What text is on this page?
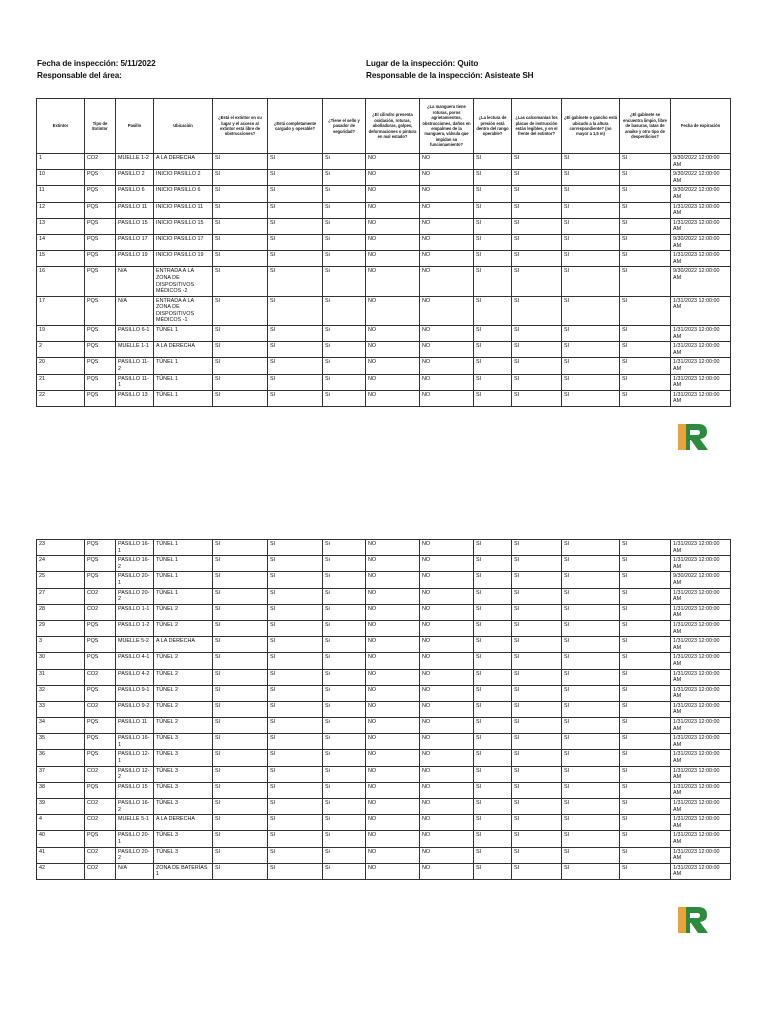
Fecha de inspección: 5/11/2022
Responsable del área:
Lugar de la inspección: Quito
Responsable de la inspección: Asisteate SH
Extintor	Tipo de Extintor	Pasillo	Ubicación	¿Está el extintor en su lugar y el acceso al extintor está libre de obstrucciones?	¿Está completamente cargado y operable?	¿Tiene el sello y pasador de seguridad?	¿El cilindro presenta oxidación, roturas, abolladuras, golpes, deformaciones o pintura en mal estado?	¿La manguera tiene roturas, poros agrietamientos, obstrucciones, daños en empalmes de la manguera, válvula que impidan su funcionamiento?	¿La lectura de presión está dentro del rango operable?	¿Las calcomanías los placas de instrucción están legibles, y en el frente del extintor?	¿El gabinete o gancho está ubicado a la altura correspondiente? (no mayor a 1,5 m)	¿El gabinete se encuentra limpio, libre de basuras, latas de anaike y otro tipo de desperdicios?	Fecha de expiración
1	CO2	MUELLE 1-2	A LA DERECHA	SI	SI	Si	NO	NO	SI	SI	SI	SI	9/30/2022 12:00:00 AM
10	PQS	PASILLO 2	INICIO PASILLO 2	SI	SI	Si	NO	NO	SI	SI	SI	SI	9/30/2022 12:00:00 AM
11	PQS	PASILLO 6	INICIO PASILLO 6	SI	SI	Si	NO	NO	SI	SI	SI	SI	9/30/2022 12:00:00 AM
12	PQS	PASILLO 11	INICIO PASILLO 11	SI	SI	Si	NO	NO	SI	SI	SI	SI	1/31/2023 12:00:00 AM
13	PQS	PASILLO 15	INICIO PASILLO 15	SI	SI	Si	NO	NO	SI	SI	SI	SI	1/31/2023 12:00:00 AM
14	PQS	PASILLO 17	INICIO PASILLO 17	SI	SI	Si	NO	NO	SI	SI	SI	SI	9/30/2022 12:00:00 AM
15	PQS	PASILLO 19	INICIO PASILLO 19	SI	SI	Si	NO	NO	SI	SI	SI	SI	1/31/2023 12:00:00 AM
16	PQS	N/A	ENTRADA A LA ZONA DE DISPOSITIVOS MÉDICOS -2	SI	SI	Si	NO	NO	SI	SI	SI	SI	9/30/2022 12:00:00 AM
17	PQS	N/A	ENTRADA A LA ZONA DE DISPOSITIVOS MÉDICOS -1	SI	SI	Si	NO	NO	SI	SI	SI	SI	1/31/2023 12:00:00 AM
19	PQS	PASILLO 6-1	TÚNEL 1	SI	SI	Si	NO	NO	SI	SI	SI	SI	1/31/2023 12:00:00 AM
2	PQS	MUELLE 1-1	A LA DERECHA	SI	SI	Si	NO	NO	SI	SI	SI	SI	1/31/2023 12:00:00 AM
20	PQS	PASILLO 11-2	TÚNEL 1	SI	SI	Si	NO	NO	SI	SI	SI	SI	1/31/2023 12:00:00 AM
21	PQS	PASILLO 11-1	TÚNEL 1	SI	SI	Si	NO	NO	SI	SI	SI	SI	1/31/2023 12:00:00 AM
22	PQS	PASILLO 13	TÚNEL 1	SI	SI	Si	NO	NO	SI	SI	SI	SI	1/31/2023 12:00:00 AM
23	PQS	PASILLO 16-1	TÚNEL 1	SI	SI	Si	NO	NO	SI	SI	SI	SI	1/31/2023 12:00:00 AM
24	PQS	PASILLO 16-2	TÚNEL 1	SI	SI	Si	NO	NO	SI	SI	SI	SI	1/31/2023 12:00:00 AM
25	PQS	PASILLO 20-1	TÚNEL 1	SI	SI	Si	NO	NO	SI	SI	SI	SI	9/30/2022 12:00:00 AM
27	CO2	PASILLO 20-2	TÚNEL 1	SI	SI	Si	NO	NO	SI	SI	SI	SI	1/31/2023 12:00:00 AM
28	CO2	PASILLO 1-1	TÚNEL 2	SI	SI	Si	NO	NO	SI	SI	SI	SI	1/31/2023 12:00:00 AM
29	PQS	PASILLO 1-2	TÚNEL 2	SI	SI	Si	NO	NO	SI	SI	SI	SI	1/31/2023 12:00:00 AM
3	PQS	MUELLE 5-2	A LA DERECHA	SI	SI	Si	NO	NO	SI	SI	SI	SI	1/31/2023 12:00:00 AM
30	PQS	PASILLO 4-1	TÚNEL 2	SI	SI	Si	NO	NO	SI	SI	SI	SI	1/31/2023 12:00:00 AM
31	CO2	PASILLO 4-2	TÚNEL 2	SI	SI	Si	NO	NO	SI	SI	SI	SI	1/31/2023 12:00:00 AM
32	PQS	PASILLO 9-1	TÚNEL 2	SI	SI	Si	NO	NO	SI	SI	SI	SI	1/31/2023 12:00:00 AM
33	CO2	PASILLO 9-2	TÚNEL 2	SI	SI	Si	NO	NO	SI	SI	SI	SI	1/31/2023 12:00:00 AM
34	PQS	PASILLO 11	TÚNEL 2	SI	SI	Si	NO	NO	SI	SI	SI	SI	1/31/2023 12:00:00 AM
35	PQS	PASILLO 16-1	TÚNEL 3	SI	SI	Si	NO	NO	SI	SI	SI	SI	1/31/2023 12:00:00 AM
36	PQS	PASILLO 12-1	TÚNEL 3	SI	SI	Si	NO	NO	SI	SI	SI	SI	1/31/2023 12:00:00 AM
37	CO2	PASILLO 12-2	TÚNEL 3	SI	SI	Si	NO	NO	SI	SI	SI	SI	1/31/2023 12:00:00 AM
38	PQS	PASILLO 15	TÚNEL 3	SI	SI	Si	NO	NO	SI	SI	SI	SI	1/31/2023 12:00:00 AM
39	CO2	PASILLO 16-2	TÚNEL 3	SI	SI	Si	NO	NO	SI	SI	SI	SI	1/31/2023 12:00:00 AM
4	CO2	MUELLE 5-1	A LA DERECHA	SI	SI	Si	NO	NO	SI	SI	SI	SI	1/31/2023 12:00:00 AM
40	PQS	PASILLO 20-1	TÚNEL 3	SI	SI	Si	NO	NO	SI	SI	SI	SI	1/31/2023 12:00:00 AM
41	CO2	PASILLO 20-2	TÚNEL 3	SI	SI	Si	NO	NO	SI	SI	SI	SI	1/31/2023 12:00:00 AM
42	CO2	N/A	ZONA DE BATERÍAS 1	SI	SI	Si	NO	NO	SI	SI	SI	SI	1/31/2023 12:00:00 AM
